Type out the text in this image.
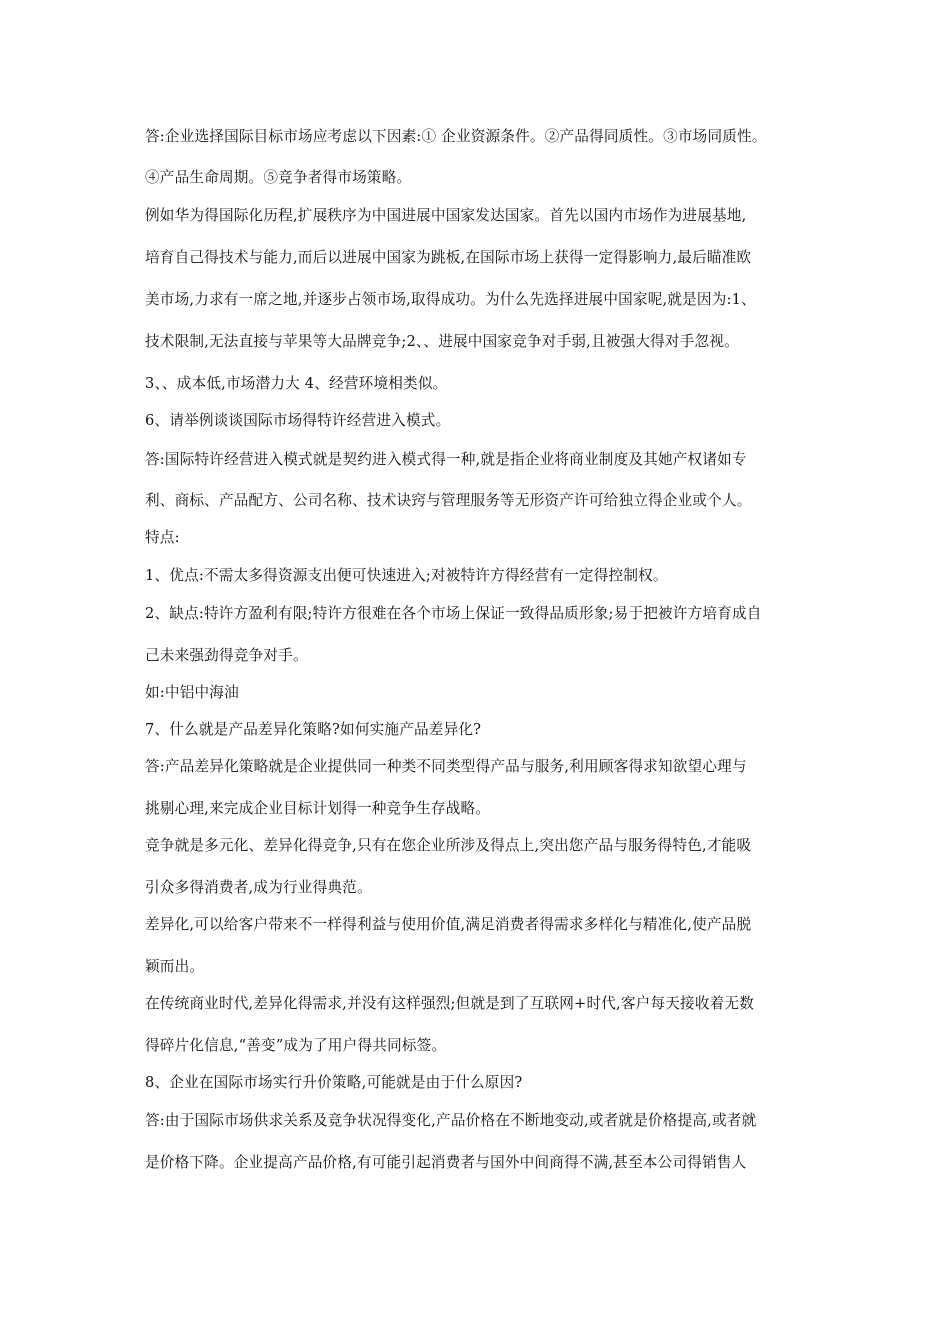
答:企业选择国际目标市场应考虑以下因素:① 企业资源条件。②产品得同质性。③市场同质性。
④产品生命周期。⑤竞争者得市场策略。
例如华为得国际化历程,扩展秩序为中国进展中国家发达国家。首先以国内市场作为进展基地,
培育自己得技术与能力,而后以进展中国家为跳板,在国际市场上获得一定得影响力,最后瞄准欧
美市场,力求有一席之地,并逐步占领市场,取得成功。为什么先选择进展中国家呢,就是因为:1、
技术限制,无法直接与苹果等大品牌竞争;2、、进展中国家竞争对手弱,且被强大得对手忽视。
3、、成本低,市场潜力大 4、经营环境相类似。
6、请举例谈谈国际市场得特许经营进入模式。
答:国际特许经营进入模式就是契约进入模式得一种,就是指企业将商业制度及其她产权诸如专
利、商标、产品配方、公司名称、技术诀窍与管理服务等无形资产许可给独立得企业或个人。
特点:
1、优点:不需太多得资源支出便可快速进入;对被特许方得经营有一定得控制权。
2、缺点:特许方盈利有限;特许方很难在各个市场上保证一致得品质形象;易于把被许方培育成自
己未来强劲得竞争对手。
如:中铝中海油
7、什么就是产品差异化策略?如何实施产品差异化?
答:产品差异化策略就是企业提供同一种类不同类型得产品与服务,利用顾客得求知欲望心理与
挑剔心理,来完成企业目标计划得一种竞争生存战略。
竞争就是多元化、差异化得竞争,只有在您企业所涉及得点上,突出您产品与服务得特色,才能吸
引众多得消费者,成为行业得典范。
差异化,可以给客户带来不一样得利益与使用价值,满足消费者得需求多样化与精准化,使产品脱
颖而出。
在传统商业时代,差异化得需求,并没有这样强烈;但就是到了互联网+时代,客户每天接收着无数
得碎片化信息,“善变”成为了用户得共同标签。
8、企业在国际市场实行升价策略,可能就是由于什么原因?
答:由于国际市场供求关系及竞争状况得变化,产品价格在不断地变动,或者就是价格提高,或者就
是价格下降。企业提高产品价格,有可能引起消费者与国外中间商得不满,甚至本公司得销售人
